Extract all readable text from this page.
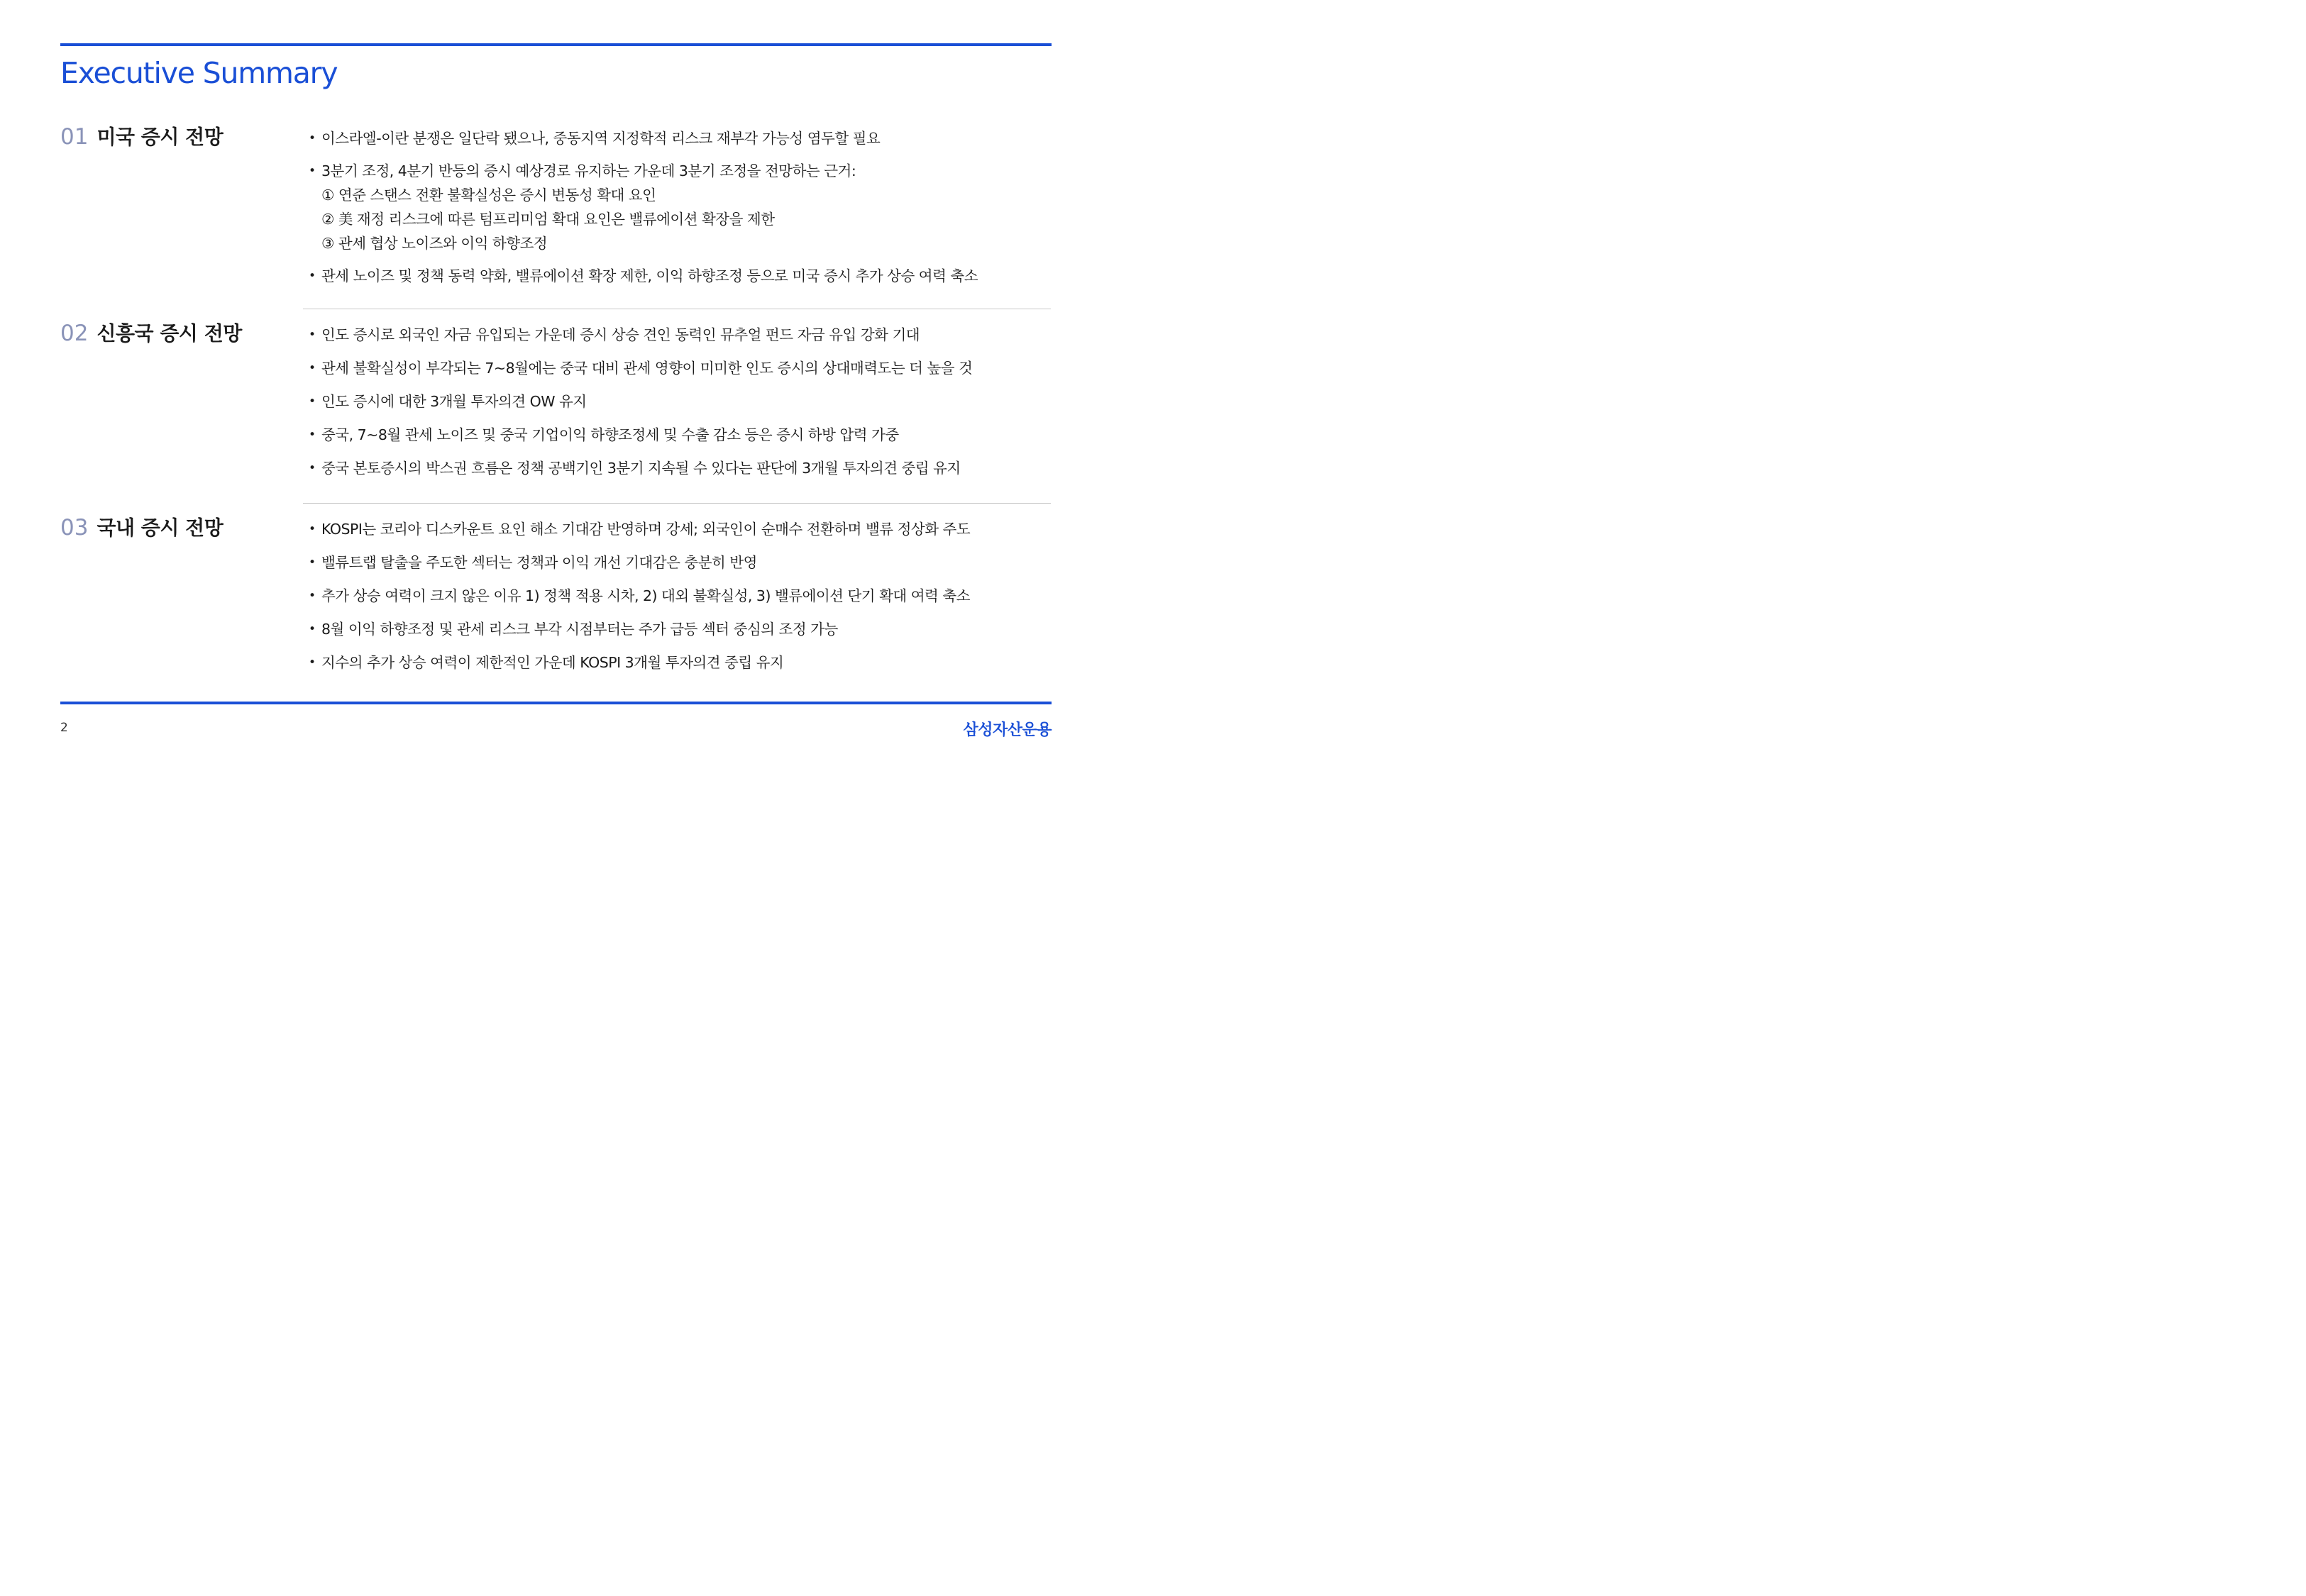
Executive Summary
01 미국 증시 전망	• 이스라엘-이란 분쟁은 일단락 됐으나, 중동지역 지정학적 리스크 재부각 가능성 염두할 필요
• 3분기 조정, 4분기 반등의 증시 예상경로 유지하는 가운데 3분기 조정을 전망하는 근거:
① 연준 스탠스 전환 불확실성은 증시 변동성 확대 요인
② 美 재정 리스크에 따른 텀프리미엄 확대 요인은 밸류에이션 확장을 제한
③ 관세 협상 노이즈와 이익 하향조정
• 관세 노이즈 및 정책 동력 약화, 밸류에이션 확장 제한, 이익 하향조정 등으로 미국 증시 추가 상승 여력 축소
02 신흥국 증시 전망	• 인도 증시로 외국인 자금 유입되는 가운데 증시 상승 견인 동력인 뮤추얼 펀드 자금 유입 강화 기대
• 관세 불확실성이 부각되는 7~8월에는 중국 대비 관세 영향이 미미한 인도 증시의 상대매력도는 더 높을 것
• 인도 증시에 대한 3개월 투자의견 OW 유지
• 중국, 7~8월 관세 노이즈 및 중국 기업이익 하향조정세 및 수출 감소 등은 증시 하방 압력 가중
• 중국 본토증시의 박스권 흐름은 정책 공백기인 3분기 지속될 수 있다는 판단에 3개월 투자의견 중립 유지
03 국내 증시 전망	• KOSPI는 코리아 디스카운트 요인 해소 기대감 반영하며 강세; 외국인이 순매수 전환하며 밸류 정상화 주도
• 밸류트랩 탈출을 주도한 섹터는 정책과 이익 개선 기대감은 충분히 반영
• 추가 상승 여력이 크지 않은 이유 1) 정책 적용 시차, 2) 대외 불확실성, 3) 밸류에이션 단기 확대 여력 축소
• 8월 이익 하향조정 및 관세 리스크 부각 시점부터는 주가 급등 섹터 중심의 조정 가능
• 지수의 추가 상승 여력이 제한적인 가운데 KOSPI 3개월 투자의견 중립 유지
2	삼성자산운용
